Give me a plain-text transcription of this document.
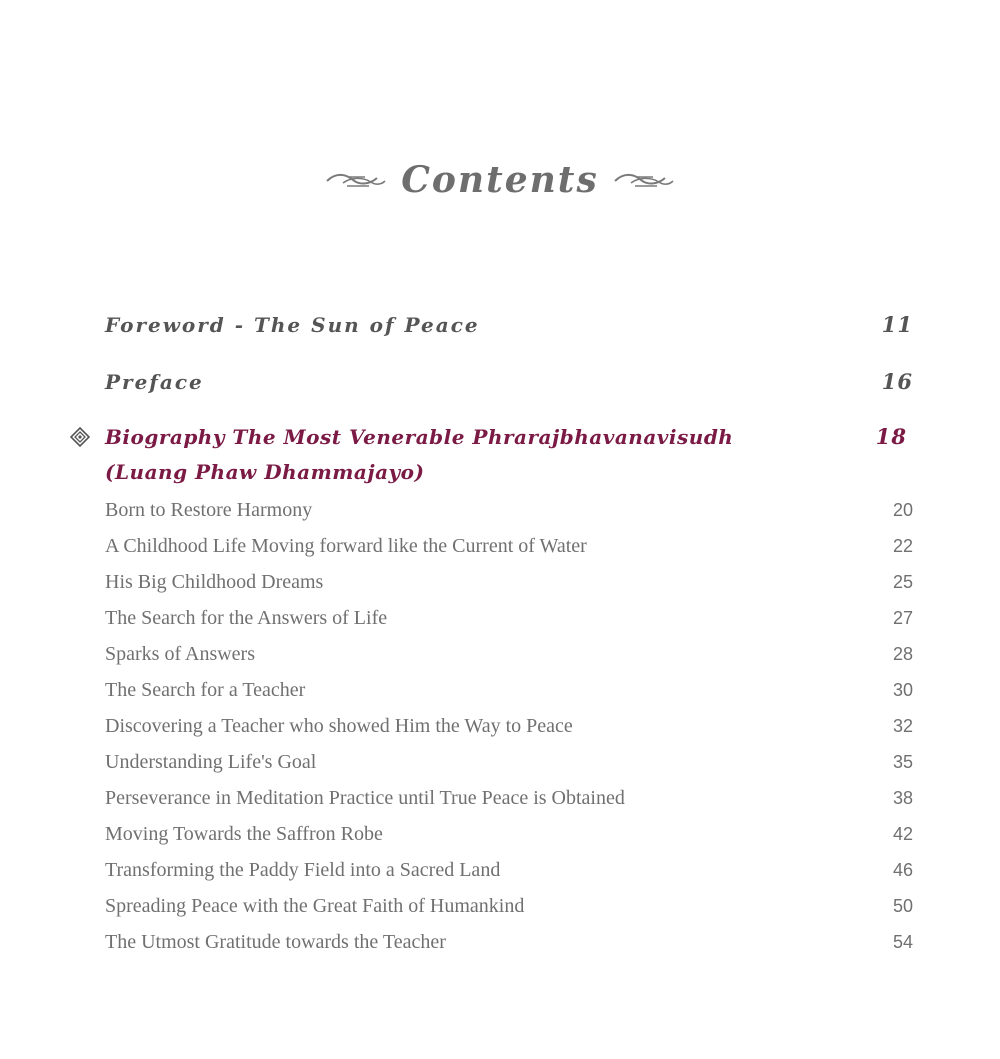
Contents
Foreword - The Sun of Peace	11
Preface	16
Biography The Most Venerable Phrarajbhavanavisudh	18
(Luang Phaw Dhammajayo)
Born to Restore Harmony	20
A Childhood Life Moving forward like the Current of Water	22
His Big Childhood Dreams	25
The Search for the Answers of Life	27
Sparks of Answers	28
The Search for a Teacher	30
Discovering a Teacher who showed Him the Way to Peace	32
Understanding Life's Goal	35
Perseverance in Meditation Practice until True Peace is Obtained	38
Moving Towards the Saffron Robe	42
Transforming the Paddy Field into a Sacred Land	46
Spreading Peace with the Great Faith of Humankind	50
The Utmost Gratitude towards the Teacher	54
